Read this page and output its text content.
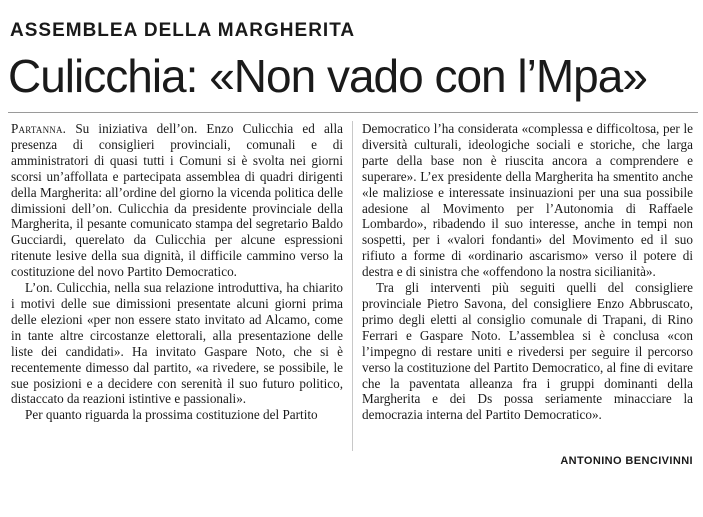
ASSEMBLEA DELLA MARGHERITA
Culicchia: «Non vado con l’Mpa»

Partanna. Su iniziativa dell’on. Enzo Culicchia ed alla presenza di consiglieri provinciali, comunali e di amministratori di quasi tutti i Comuni si è svolta nei giorni scorsi un’affollata e partecipata assemblea di quadri dirigenti della Margherita: all’ordine del giorno la vicenda politica delle dimissioni dell’on. Culicchia da presidente provinciale della Margherita, il pesante comunicato stampa del segretario Baldo Gucciardi, querelato da Culicchia per alcune espressioni ritenute lesive della sua dignità, il difficile cammino verso la costituzione del novo Partito Democratico.

L’on. Culicchia, nella sua relazione introduttiva, ha chiarito i motivi delle sue dimissioni presentate alcuni giorni prima delle elezioni «per non essere stato invitato ad Alcamo, come in tante altre circostanze elettorali, alla presentazione delle liste dei candidati». Ha invitato Gaspare Noto, che si è recentemente dimesso dal partito, «a rivedere, se possibile, le sue posizioni e a decidere con serenità il suo futuro politico, distaccato da reazioni istintive e passionali».

Per quanto riguarda la prossima costituzione del Partito

Democratico l’ha considerata «complessa e difficoltosa, per le diversità culturali, ideologiche sociali e storiche, che larga parte della base non è riuscita ancora a comprendere e superare». L’ex presidente della Margherita ha smentito anche «le maliziose e interessate insinuazioni per una sua possibile adesione al Movimento per l’Autonomia di Raffaele Lombardo», ribadendo il suo interesse, anche in tempi non sospetti, per i «valori fondanti» del Movimento ed il suo rifiuto a forme di «ordinario ascarismo» verso il potere di destra e di sinistra che «offendono la nostra sicilianità».

Tra gli interventi più seguiti quelli del consigliere provinciale Pietro Savona, del consigliere Enzo Abbruscato, primo degli eletti al consiglio comunale di Trapani, di Rino Ferrari e Gaspare Noto. L’assemblea si è conclusa «con l’impegno di restare uniti e rivedersi per seguire il percorso verso la costituzione del Partito Democratico, al fine di evitare che la paventata alleanza fra i gruppi dominanti della Margherita e dei Ds possa seriamente minacciare la democrazia interna del Partito Democratico».

ANTONINO BENCIVINNI
